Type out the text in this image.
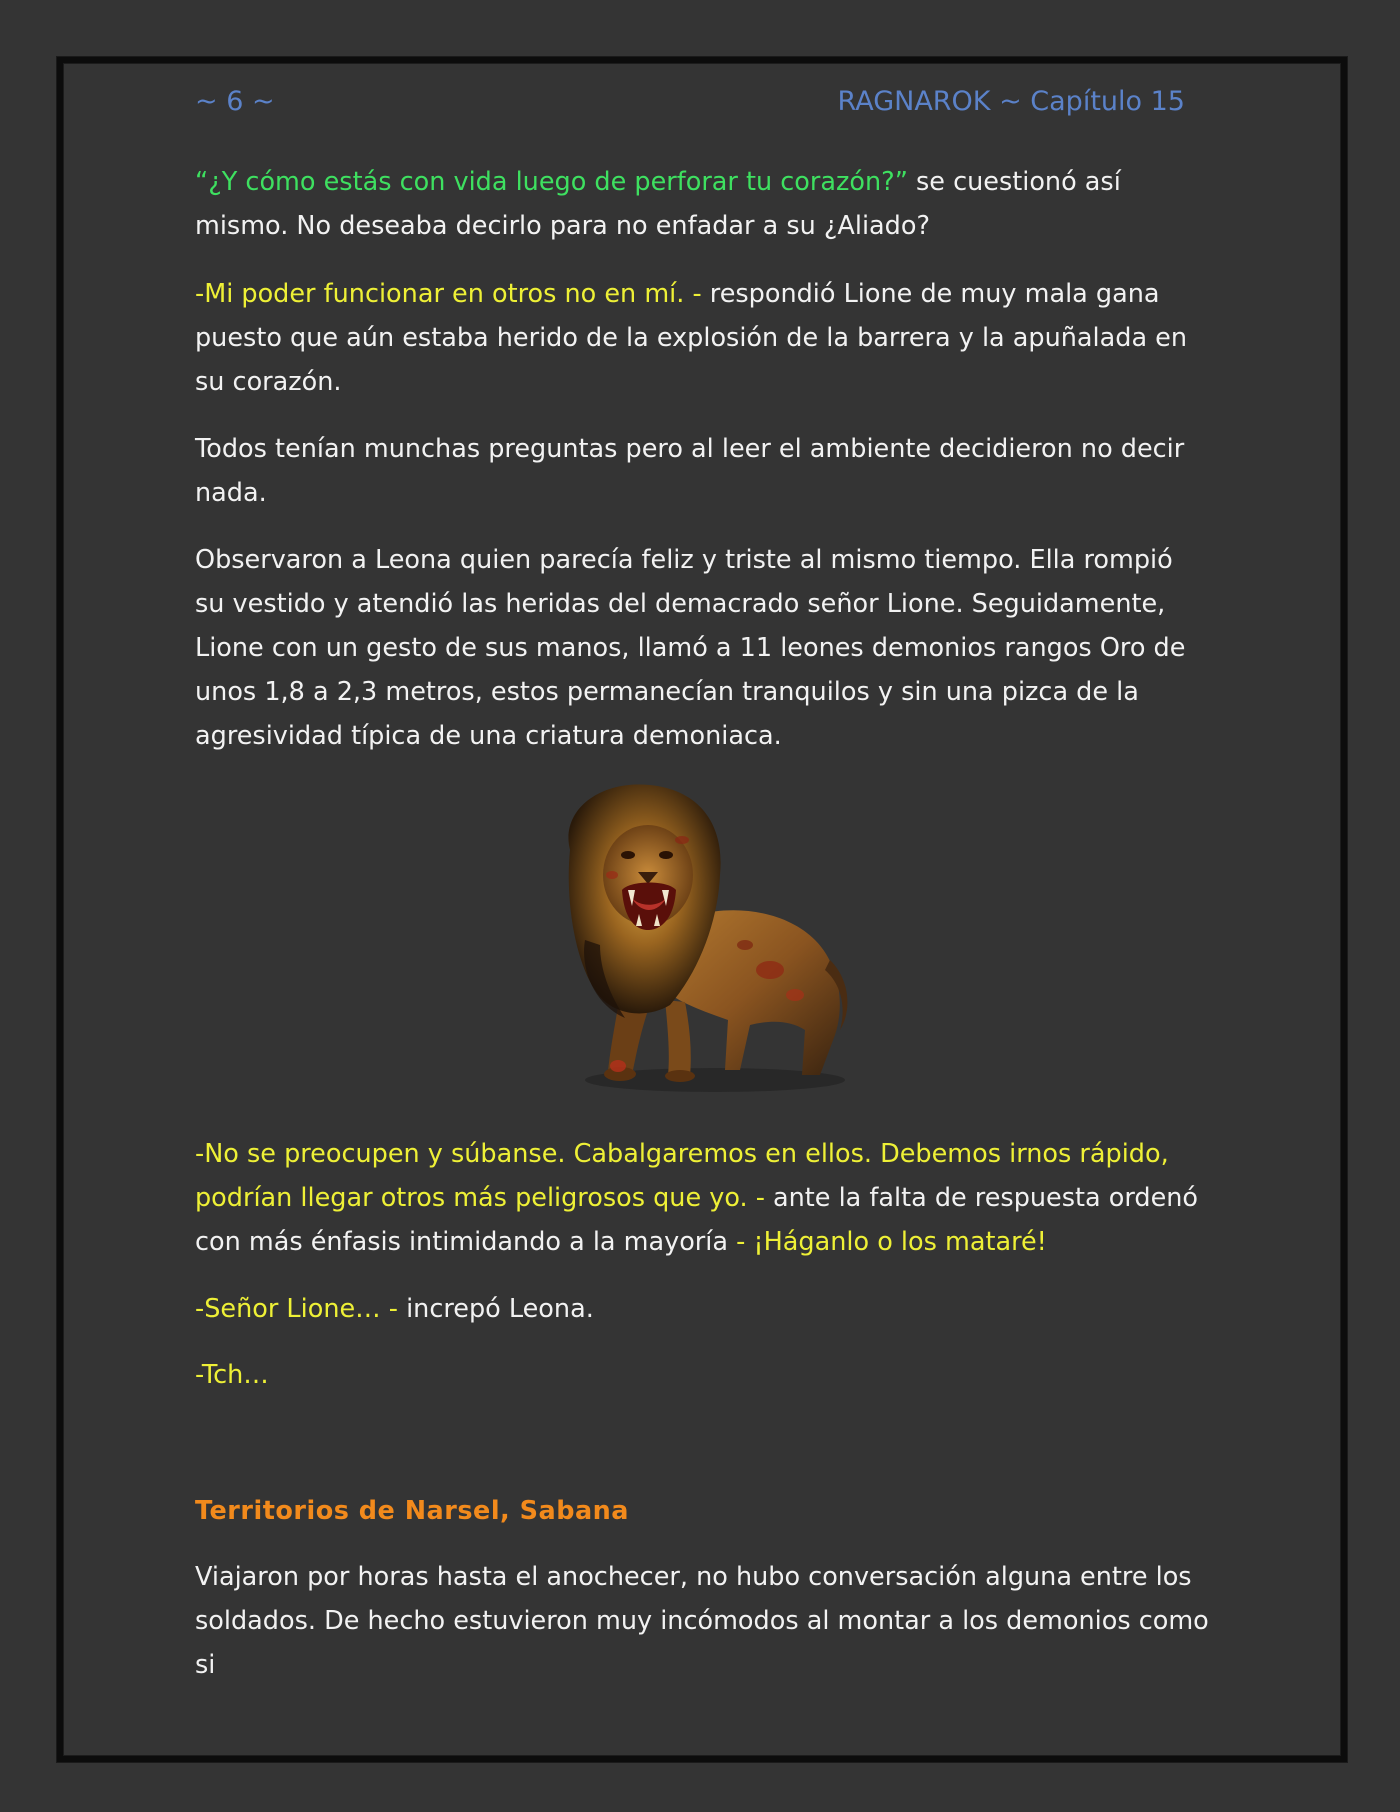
~ 6 ~	RAGNAROK ~ Capítulo 15

“¿Y cómo estás con vida luego de perforar tu corazón?” se cuestionó así mismo. No deseaba decirlo para no enfadar a su ¿Aliado?

-Mi poder funcionar en otros no en mí. - respondió Lione de muy mala gana puesto que aún estaba herido de la explosión de la barrera y la apuñalada en su corazón.

Todos tenían munchas preguntas pero al leer el ambiente decidieron no decir nada.

Observaron a Leona quien parecía feliz y triste al mismo tiempo. Ella rompió su vestido y atendió las heridas del demacrado señor Lione. Seguidamente, Lione con un gesto de sus manos, llamó a 11 leones demonios rangos Oro de unos 1,8 a 2,3 metros, estos permanecían tranquilos y sin una pizca de la agresividad típica de una criatura demoniaca.

-No se preocupen y súbanse. Cabalgaremos en ellos. Debemos irnos rápido, podrían llegar otros más peligrosos que yo. - ante la falta de respuesta ordenó con más énfasis intimidando a la mayoría - ¡Háganlo o los mataré!

-Señor Lione… - increpó Leona.

-Tch…

Territorios de Narsel, Sabana

Viajaron por horas hasta el anochecer, no hubo conversación alguna entre los soldados. De hecho estuvieron muy incómodos al montar a los demonios como si
